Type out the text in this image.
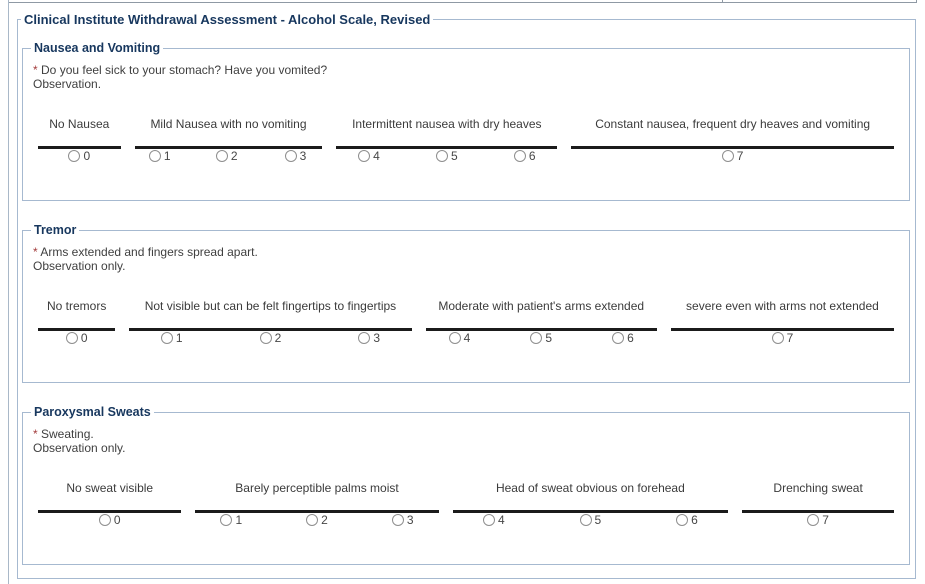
Clinical Institute Withdrawal Assessment - Alcohol Scale, Revised
Nausea and Vomiting
* Do you feel sick to your stomach? Have you vomited?
Observation.
No Nausea	Mild Nausea with no vomiting			Intermittent nausea with dry heaves			Constant nausea, frequent dry heaves and vomiting

0	1	2	3	4	5	6	7
Tremor
* Arms extended and fingers spread apart.
Observation only.
No tremors	Not visible but can be felt fingertips to fingertips			Moderate with patient's arms extended			severe even with arms not extended

0	1	2	3	4	5	6	7
Paroxysmal Sweats
* Sweating.
Observation only.
No sweat visible	Barely perceptible palms moist			Head of sweat obvious on forehead			Drenching sweat

0	1	2	3	4	5	6	7
